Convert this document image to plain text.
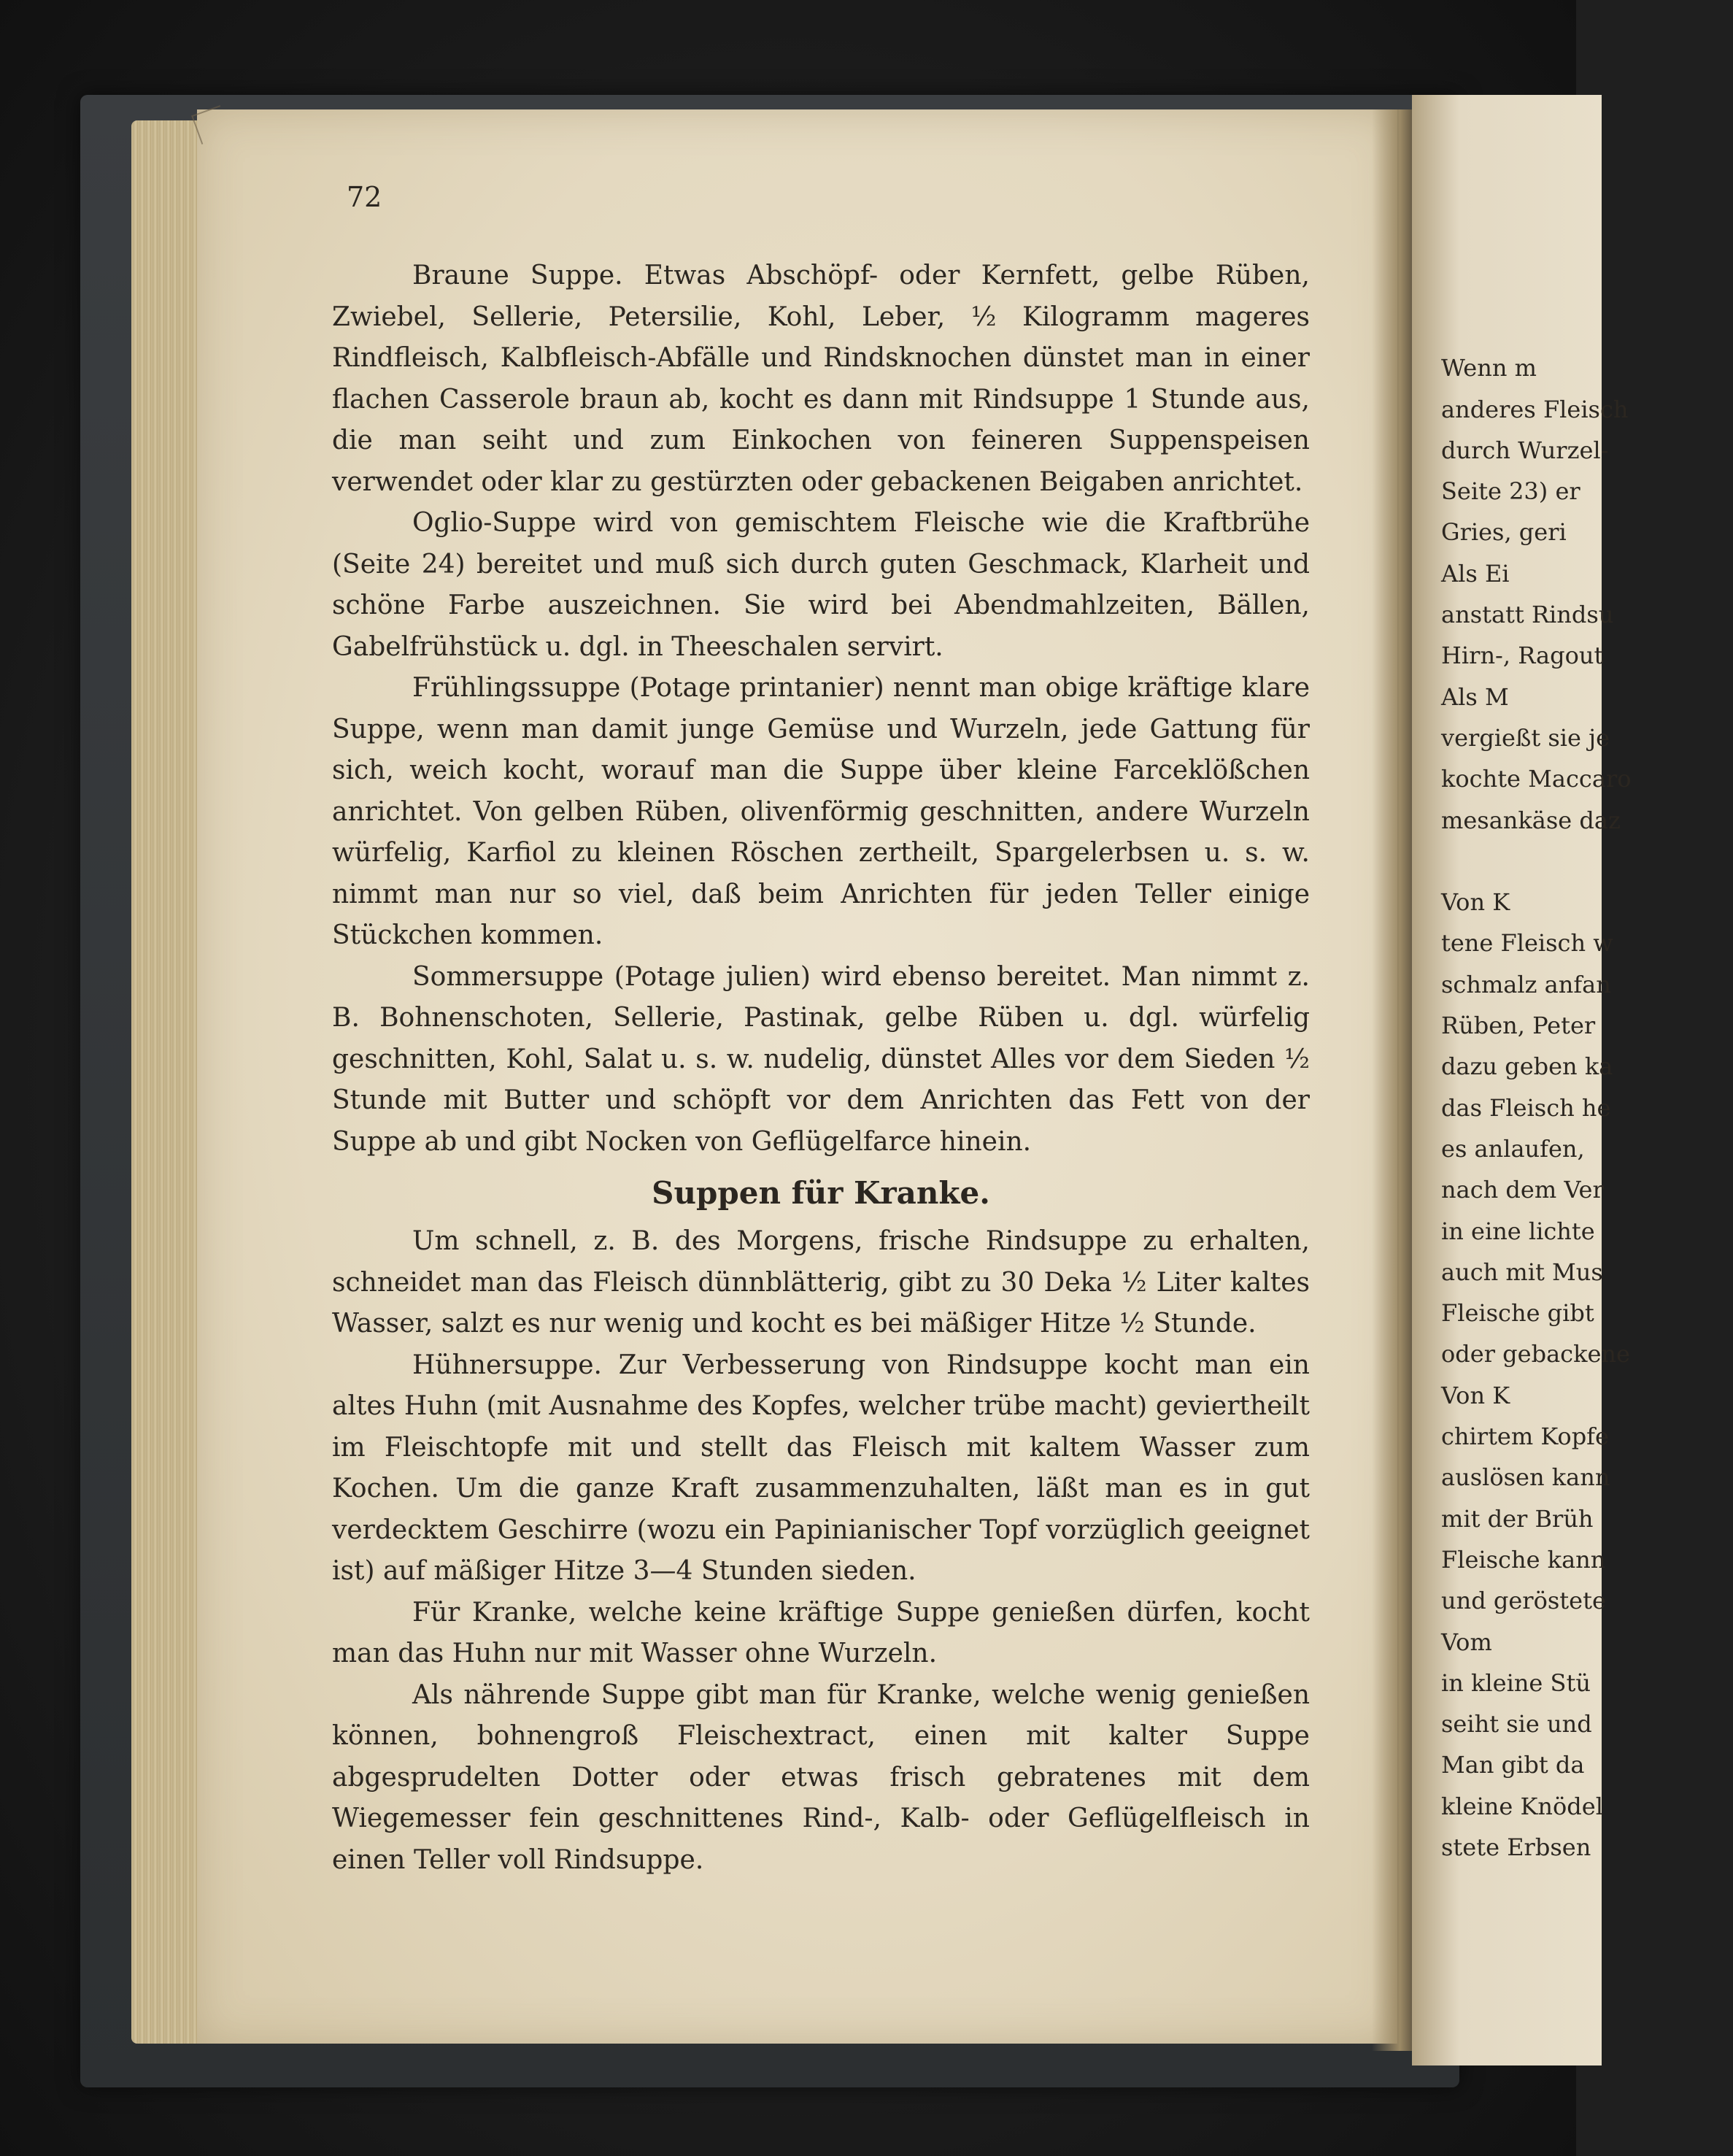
Wenn m
anderes Fleisch
durch Wurzel-
Seite 23) er
Gries, geri
Als Ei
anstatt Rindsu
Hirn-, Ragout
Als M
vergießt sie je
kochte Maccaro
mesankäse daz
Von K
tene Fleisch w
schmalz anfan
Rüben, Peter
dazu geben ka
das Fleisch he
es anlaufen,
nach dem Ver
in eine lichte
auch mit Mus
Fleische gibt
oder gebackene
Von K
chirtem Kopfe
auslösen kann
mit der Brüh
Fleische kann
und geröstete
Vom
in kleine Stü
seiht sie und
Man gibt da
kleine Knödel
stete Erbsen
72

Braune Suppe. Etwas Abschöpf- oder Kernfett, gelbe Rüben, Zwiebel, Sellerie, Petersilie, Kohl, Leber, ½ Kilogramm mageres Rindfleisch, Kalbfleisch-Abfälle und Rindsknochen dünstet man in einer flachen Casserole braun ab, kocht es dann mit Rindsuppe 1 Stunde aus, die man seiht und zum Einkochen von feineren Suppenspeisen verwendet oder klar zu gestürzten oder gebackenen Beigaben anrichtet.

Oglio-Suppe wird von gemischtem Fleische wie die Kraftbrühe (Seite 24) bereitet und muß sich durch guten Geschmack, Klarheit und schöne Farbe auszeichnen. Sie wird bei Abendmahlzeiten, Bällen, Gabelfrühstück u. dgl. in Theeschalen servirt.

Frühlingssuppe (Potage printanier) nennt man obige kräftige klare Suppe, wenn man damit junge Gemüse und Wurzeln, jede Gattung für sich, weich kocht, worauf man die Suppe über kleine Farceklößchen anrichtet. Von gelben Rüben, olivenförmig geschnitten, andere Wurzeln würfelig, Karfiol zu kleinen Röschen zertheilt, Spargelerbsen u. s. w. nimmt man nur so viel, daß beim Anrichten für jeden Teller einige Stückchen kommen.

Sommersuppe (Potage julien) wird ebenso bereitet. Man nimmt z. B. Bohnenschoten, Sellerie, Pastinak, gelbe Rüben u. dgl. würfelig geschnitten, Kohl, Salat u. s. w. nudelig, dünstet Alles vor dem Sieden ½ Stunde mit Butter und schöpft vor dem Anrichten das Fett von der Suppe ab und gibt Nocken von Geflügelfarce hinein.

Suppen für Kranke.

Um schnell, z. B. des Morgens, frische Rindsuppe zu erhalten, schneidet man das Fleisch dünnblätterig, gibt zu 30 Deka ½ Liter kaltes Wasser, salzt es nur wenig und kocht es bei mäßiger Hitze ½ Stunde.

Hühnersuppe. Zur Verbesserung von Rindsuppe kocht man ein altes Huhn (mit Ausnahme des Kopfes, welcher trübe macht) geviertheilt im Fleischtopfe mit und stellt das Fleisch mit kaltem Wasser zum Kochen. Um die ganze Kraft zusammenzuhalten, läßt man es in gut verdecktem Geschirre (wozu ein Papinianischer Topf vorzüglich geeignet ist) auf mäßiger Hitze 3—4 Stunden sieden.

Für Kranke, welche keine kräftige Suppe genießen dürfen, kocht man das Huhn nur mit Wasser ohne Wurzeln.

Als nährende Suppe gibt man für Kranke, welche wenig genießen können, bohnengroß Fleischextract, einen mit kalter Suppe abgesprudelten Dotter oder etwas frisch gebratenes mit dem Wiegemesser fein geschnittenes Rind-, Kalb- oder Geflügelfleisch in einen Teller voll Rindsuppe.
